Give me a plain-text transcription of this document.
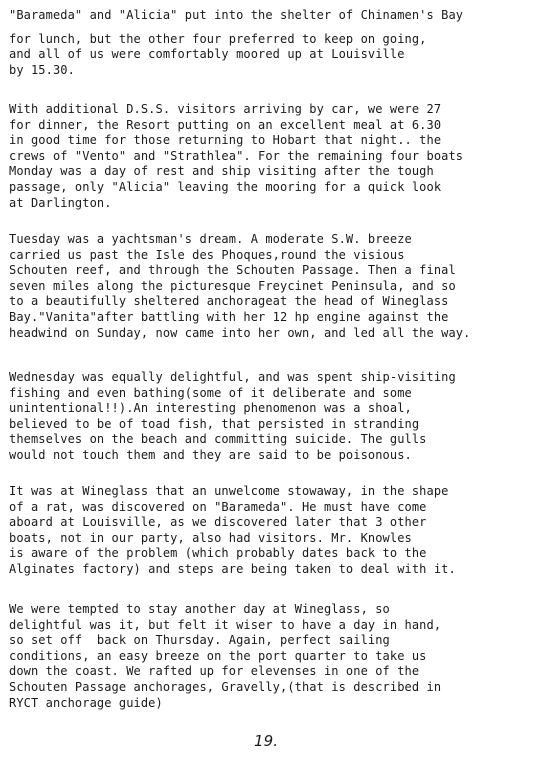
"Barameda" and "Alicia" put into the shelter of Chinamen's Bay
for lunch, but the other four preferred to keep on going,
and all of us were comfortably moored up at Louisville
by 15.30.
With additional D.S.S. visitors arriving by car, we were 27
for dinner, the Resort putting on an excellent meal at 6.30
in good time for those returning to Hobart that night.. the
crews of "Vento" and "Strathlea". For the remaining four boats
Monday was a day of rest and ship visiting after the tough
passage, only "Alicia" leaving the mooring for a quick look
at Darlington.
Tuesday was a yachtsman's dream. A moderate S.W. breeze
carried us past the Isle des Phoques,round the visious
Schouten reef, and through the Schouten Passage. Then a final
seven miles along the picturesque Freycinet Peninsula, and so
to a beautifully sheltered anchorageat the head of Wineglass
Bay."Vanita"after battling with her 12 hp engine against the
headwind on Sunday, now came into her own, and led all the way.
Wednesday was equally delightful, and was spent ship-visiting
fishing and even bathing(some of it deliberate and some
unintentional!!).An interesting phenomenon was a shoal,
believed to be of toad fish, that persisted in stranding
themselves on the beach and committing suicide. The gulls
would not touch them and they are said to be poisonous.
It was at Wineglass that an unwelcome stowaway, in the shape
of a rat, was discovered on "Barameda". He must have come
aboard at Louisville, as we discovered later that 3 other
boats, not in our party, also had visitors. Mr. Knowles
is aware of the problem (which probably dates back to the
Alginates factory) and steps are being taken to deal with it.
We were tempted to stay another day at Wineglass, so
delightful was it, but felt it wiser to have a day in hand,
so set off  back on Thursday. Again, perfect sailing
conditions, an easy breeze on the port quarter to take us
down the coast. We rafted up for elevenses in one of the
Schouten Passage anchorages, Gravelly,(that is described in
RYCT anchorage guide)
19.
